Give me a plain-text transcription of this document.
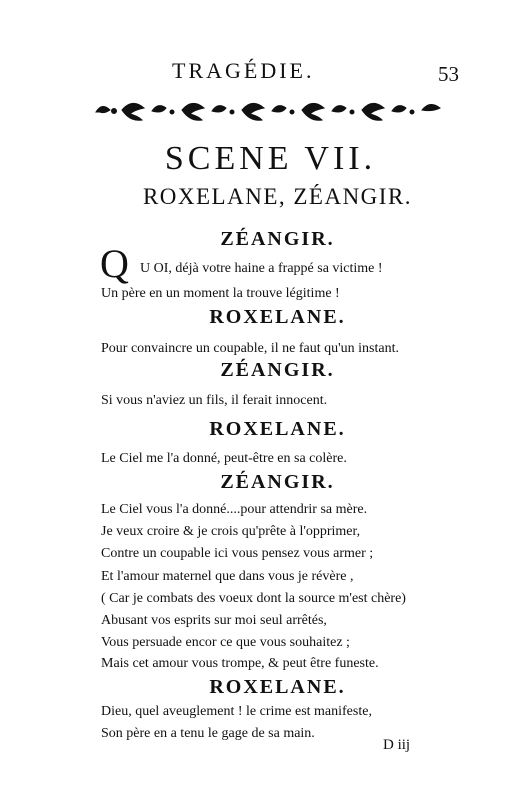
TRAGÉDIE.	53
SCENE VII.
ROXELANE, ZÉANGIR.
ZÉANGIR.
Q U OI, déjà votre haine a frappé sa victime !
Un père en un moment la trouve légitime !
ROXELANE.
Pour convaincre un coupable, il ne faut qu'un instant.
ZÉANGIR.
Si vous n'aviez un fils, il ferait innocent.
ROXELANE.
Le Ciel me l'a donné, peut-être en sa colère.
ZÉANGIR.
Le Ciel vous l'a donné....pour attendrir sa mère.
Je veux croire & je crois qu'prête à l'opprimer,
Contre un coupable ici vous pensez vous armer ;
Et l'amour maternel que dans vous je révère ,
( Car je combats des voeux dont la source m'est chère)
Abusant vos esprits sur moi seul arrêtés,
Vous persuade encor ce que vous souhaitez ;
Mais cet amour vous trompe, & peut être funeste.
ROXELANE.
Dieu, quel aveuglement ! le crime est manifeste,
Son père en a tenu le gage de sa main.
D iij
